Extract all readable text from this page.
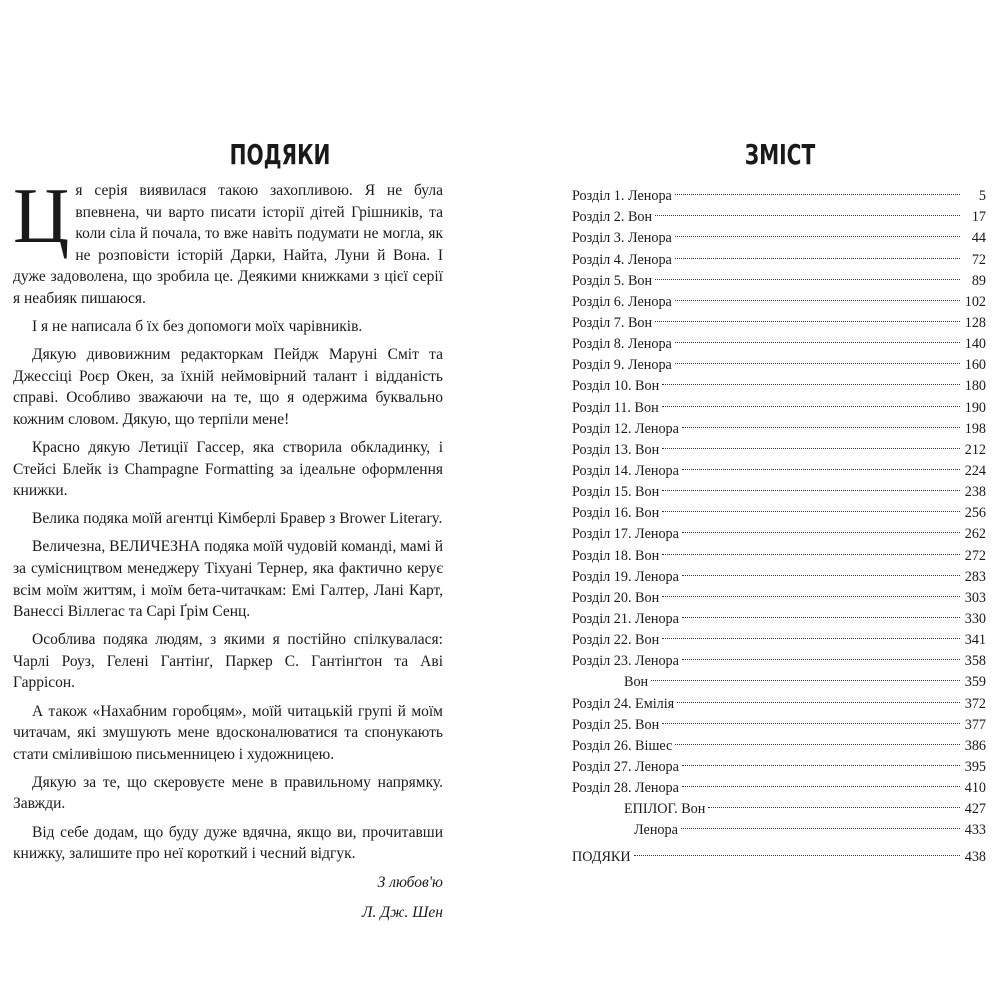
ПОДЯКИ

Ця серія виявилася такою захопливою. Я не була впевнена, чи варто писати історії дітей Грішників, та коли сіла й почала, то вже навіть подумати не могла, як не розповісти історій Дарки, Найта, Луни й Вона. І дуже задоволена, що зробила це. Деякими книжками з цієї серії я неабияк пишаюся.

І я не написала б їх без допомоги моїх чарівників.

Дякую дивовижним редакторкам Пейдж Маруні Сміт та Джессіці Роєр Окен, за їхній неймовірний талант і відданість справі. Особливо зважаючи на те, що я одержима буквально кожним словом. Дякую, що терпіли мене!

Красно дякую Летиції Гассер, яка створила обкладинку, і Стейсі Блейк із Champagne Formatting за ідеальне оформлення книжки.

Велика подяка моїй агентці Кімберлі Бравер з Brower Literary.

Величезна, ВЕЛИЧЕЗНА подяка моїй чудовій команді, мамі й за сумісництвом менеджеру Тіхуані Тернер, яка фактично керує всім моїм життям, і моїм бета-читачкам: Емі Галтер, Лані Карт, Ванессі Віллегас та Сарі Ґрім Сенц.

Особлива подяка людям, з якими я постійно спілкувалася: Чарлі Роуз, Гелені Гантінґ, Паркер С. Гантінґтон та Аві Гаррісон.

А також «Нахабним горобцям», моїй читацькій групі й моїм читачам, які змушують мене вдосконалюватися та спонукають стати сміливішою письменницею і художницею.

Дякую за те, що скеровуєте мене в правильному напрямку. Завжди.

Від себе додам, що буду дуже вдячна, якщо ви, прочитавши книжку, залишите про неї короткий і чесний відгук.

З любов'ю

Л. Дж. Шен

ЗМІСТ
Розділ 1. Ленора	5
Розділ 2. Вон	17
Розділ 3. Ленора	44
Розділ 4. Ленора	72
Розділ 5. Вон	89
Розділ 6. Ленора	102
Розділ 7. Вон	128
Розділ 8. Ленора	140
Розділ 9. Ленора	160
Розділ 10. Вон	180
Розділ 11. Вон	190
Розділ 12. Ленора	198
Розділ 13. Вон	212
Розділ 14. Ленора	224
Розділ 15. Вон	238
Розділ 16. Вон	256
Розділ 17. Ленора	262
Розділ 18. Вон	272
Розділ 19. Ленора	283
Розділ 20. Вон	303
Розділ 21. Ленора	330
Розділ 22. Вон	341
Розділ 23. Ленора	358
Вон	359
Розділ 24. Емілія	372
Розділ 25. Вон	377
Розділ 26. Вішес	386
Розділ 27. Ленора	395
Розділ 28. Ленора	410
ЕПІЛОГ. Вон	427
Ленора	433
ПОДЯКИ	438
